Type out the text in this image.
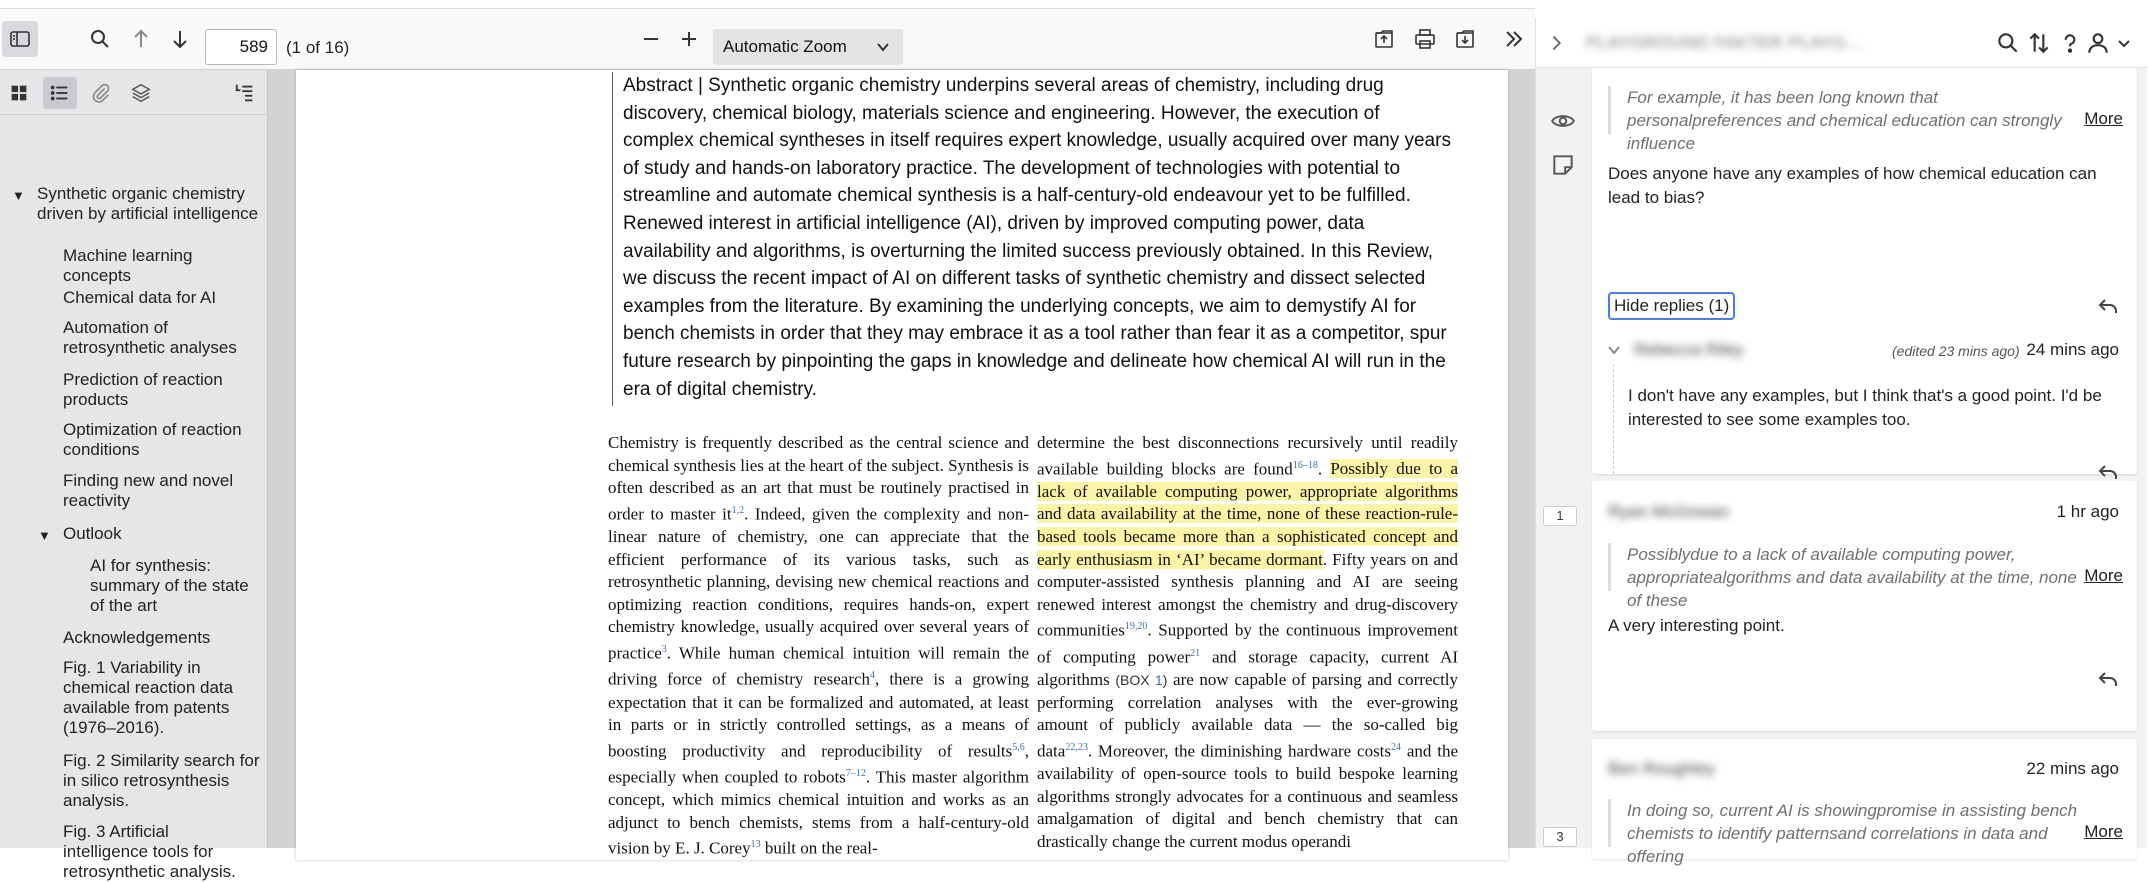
589
(1 of 16)	Automatic Zoom
▼ Synthetic organic chemistry driven by artificial intelligence
Machine learning concepts
Chemical data for AI
Automation of retrosynthetic analyses
Prediction of reaction products
Optimization of reaction conditions
Finding new and novel reactivity
▼ Outlook
AI for synthesis: summary of the state of the art
Acknowledgements
Fig. 1 Variability in chemical reaction data available from patents (1976–2016).
Fig. 2 Similarity search for in silico retrosynthesis analysis.
Fig. 3 Artificial intelligence tools for retrosynthetic analysis.
Abstract | Synthetic organic chemistry underpins several areas of chemistry, including drug discovery, chemical biology, materials science and engineering. However, the execution of complex chemical syntheses in itself requires expert knowledge, usually acquired over many years of study and hands-on laboratory practice. The development of technologies with potential to streamline and automate chemical synthesis is a half-century-old endeavour yet to be fulfilled. Renewed interest in artificial intelligence (AI), driven by improved computing power, data availability and algorithms, is overturning the limited success previously obtained. In this Review, we discuss the recent impact of AI on different tasks of synthetic chemistry and dissect selected examples from the literature. By examining the underlying concepts, we aim to demystify AI for bench chemists in order that they may embrace it as a tool rather than fear it as a competitor, spur future research by pinpointing the gaps in knowledge and delineate how chemical AI will run in the era of digital chemistry.
Chemistry is frequently described as the central science and chemical synthesis lies at the heart of the subject. Synthesis is often described as an art that must be routinely practised in order to master it$^{1,2}$. Indeed, given the complexity and non-linear nature of chemistry, one can appreciate that the efficient performance of its various tasks, such as retrosynthetic planning, devising new chemical reactions and optimizing reaction conditions, requires hands-on, expert chemistry knowledge, usually acquired over several years of practice$^3$. While human chemical intuition will remain the driving force of chemistry research$^4$, there is a growing expectation that it can be formalized and automated, at least in parts or in strictly controlled settings, as a means of boosting productivity and reproducibility of results$^{5,6}$, especially when coupled to robots$^{7-12}$. This master algorithm concept, which mimics chemical intuition and works as an adjunct to bench chemists, stems from a half-century-old vision by E. J. Corey$^{13}$ built on the real-
determine the best disconnections recursively until readily available building blocks are found$^{16-18}$. Possibly due to a lack of available computing power, appropriate algorithms and data availability at the time, none of these reaction-rule-based tools became more than a sophisticated concept and early enthusiasm in ‘AI’ became dormant. Fifty years on and computer-assisted synthesis planning and AI are seeing renewed interest amongst the chemistry and drug-discovery communities$^{19,20}$. Supported by the continuous improvement of computing power$^{21}$ and storage capacity, current AI algorithms (BOX 1) are now capable of parsing and correctly performing correlation analyses with the ever-growing amount of publicly available data — the so-called big data$^{22,23}$. Moreover, the diminishing hardware costs$^{24}$ and the availability of open-source tools to build bespoke learning algorithms strongly advocates for a continuous and seamless amalgamation of digital and bench chemistry that can drastically change the current modus operandi
PLAYGROUND FAKTER PLAYG…
1
3
For example, it has been long known that personalpreferences and chemical education can strongly influence
More
Does anyone have any examples of how chemical education can lead to bias?
Hide replies (1)
Rebecca Riley	(edited 23 mins ago) 24 mins ago
I don't have any examples, but I think that's a good point. I'd be interested to see some examples too.
Ryan McGowan	1 hr ago
Possiblydue to a lack of available computing power, appropriatealgorithms and data availability at the time, none of these
More
A very interesting point.
Ben Roughley	22 mins ago
In doing so, current AI is showingpromise in assisting bench chemists to identify patternsand correlations in data and offering
More
